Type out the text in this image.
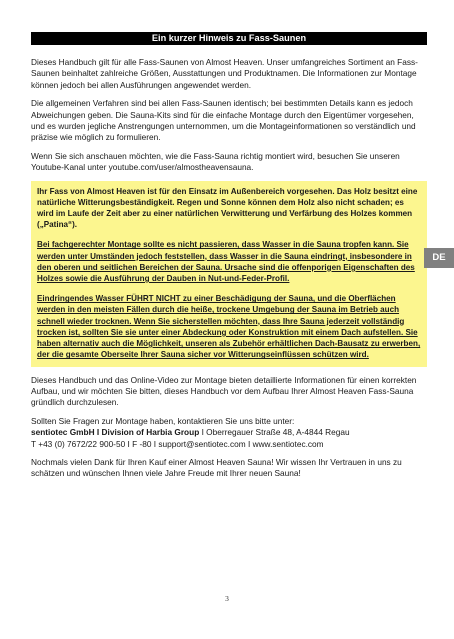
Ein kurzer Hinweis zu Fass-Saunen

Dieses Handbuch gilt für alle Fass-Saunen von Almost Heaven. Unser umfangreiches Sortiment an Fass-Saunen beinhaltet zahlreiche Größen, Ausstattungen und Produktnamen. Die Informationen zur Montage können jedoch bei allen Ausführungen angewendet werden.

Die allgemeinen Verfahren sind bei allen Fass-Saunen identisch; bei bestimmten Details kann es jedoch Abweichungen geben. Die Sauna-Kits sind für die einfache Montage durch den Eigentümer vorgesehen, und es wurden jegliche Anstrengungen unternommen, um die Montageinformationen so verständlich und präzise wie möglich zu formulieren.

Wenn Sie sich anschauen möchten, wie die Fass-Sauna richtig montiert wird, besuchen Sie unseren Youtube-Kanal unter youtube.com/user/almostheavensauna.

Ihr Fass von Almost Heaven ist für den Einsatz im Außenbereich vorgesehen. Das Holz besitzt eine natürliche Witterungsbeständigkeit. Regen und Sonne können dem Holz also nicht schaden; es wird im Laufe der Zeit aber zu einer natürlichen Verwitterung und Verfärbung des Holzes kommen („Patina“).

Bei fachgerechter Montage sollte es nicht passieren, dass Wasser in die Sauna tropfen kann. Sie werden unter Umständen jedoch feststellen, dass Wasser in die Sauna eindringt, insbesondere in den oberen und seitlichen Bereichen der Sauna. Ursache sind die offenporigen Eigenschaften des Holzes sowie die Ausführung der Dauben in Nut-und-Feder-Profil.

Eindringendes Wasser FÜHRT NICHT zu einer Beschädigung der Sauna, und die Oberflächen werden in den meisten Fällen durch die heiße, trockene Umgebung der Sauna im Betrieb auch schnell wieder trocknen. Wenn Sie sicherstellen möchten, dass Ihre Sauna jederzeit vollständig trocken ist, sollten Sie sie unter einer Abdeckung oder Konstruktion mit einem Dach aufstellen. Sie haben alternativ auch die Möglichkeit, unseren als Zubehör erhältlichen Dach-Bausatz zu erwerben, der die gesamte Oberseite Ihrer Sauna sicher vor Witterungseinflüssen schützen wird.

Dieses Handbuch und das Online-Video zur Montage bieten detaillierte Informationen für einen korrekten Aufbau, und wir möchten Sie bitten, dieses Handbuch vor dem Aufbau Ihrer Almost Heaven Fass-Sauna gründlich durchzulesen.

Sollten Sie Fragen zur Montage haben, kontaktieren Sie uns bitte unter:

sentiotec GmbH I Division of Harbia Group I Oberregauer Straße 48, A-4844 Regau

T +43 (0) 7672/22 900-50 I F -80 I support@sentiotec.com I www.sentiotec.com

Nochmals vielen Dank für Ihren Kauf einer Almost Heaven Sauna! Wir wissen Ihr Vertrauen in uns zu schätzen und wünschen Ihnen viele Jahre Freude mit Ihrer neuen Sauna!

DE
3
